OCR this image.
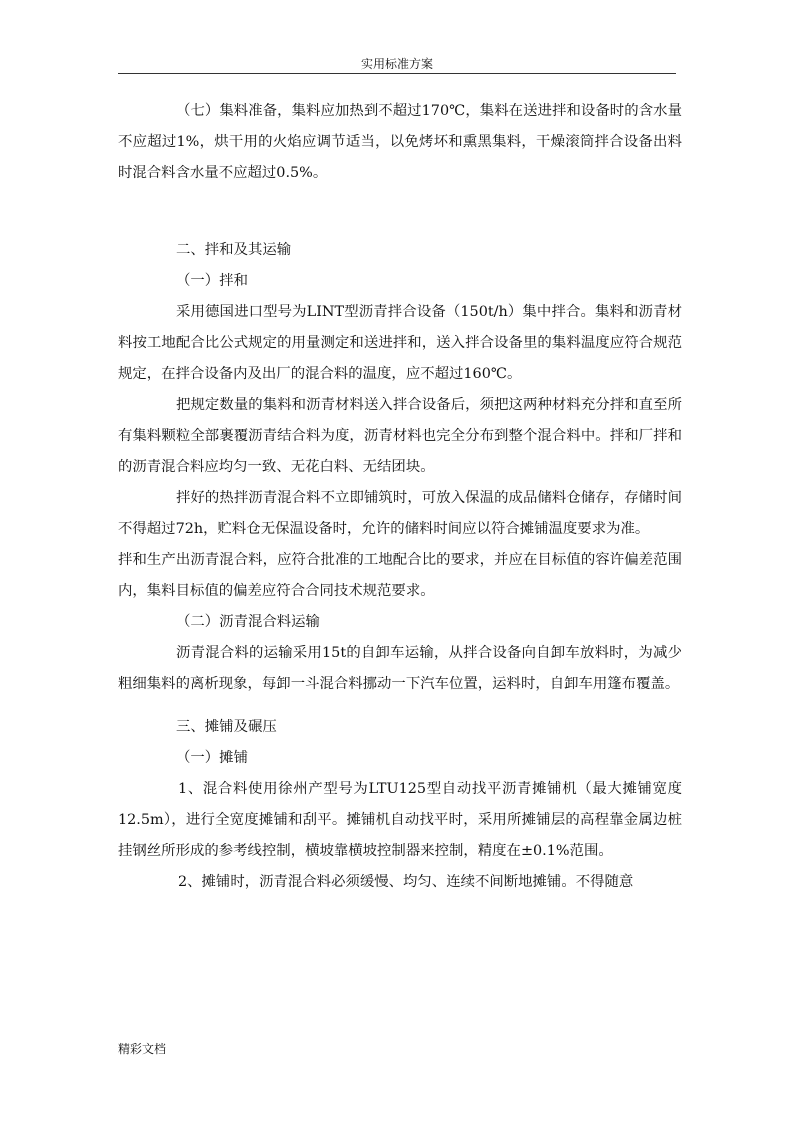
实用标准方案

（七）集料准备，集料应加热到不超过170℃，集料在送进拌和设备时的含水量不应超过1%，烘干用的火焰应调节适当，以免烤坏和熏黑集料，干燥滚筒拌合设备出料时混合料含水量不应超过0.5%。

二、拌和及其运输

（一）拌和

采用德国进口型号为LINT型沥青拌合设备（150t/h）集中拌合。集料和沥青材料按工地配合比公式规定的用量测定和送进拌和，送入拌合设备里的集料温度应符合规范规定，在拌合设备内及出厂的混合料的温度，应不超过160℃。

把规定数量的集料和沥青材料送入拌合设备后，须把这两种材料充分拌和直至所有集料颗粒全部裹覆沥青结合料为度，沥青材料也完全分布到整个混合料中。拌和厂拌和的沥青混合料应均匀一致、无花白料、无结团块。

拌好的热拌沥青混合料不立即铺筑时，可放入保温的成品储料仓储存，存储时间不得超过72h，贮料仓无保温设备时，允许的储料时间应以符合摊铺温度要求为准。

拌和生产出沥青混合料，应符合批准的工地配合比的要求，并应在目标值的容许偏差范围内，集料目标值的偏差应符合合同技术规范要求。

（二）沥青混合料运输

沥青混合料的运输采用15t的自卸车运输，从拌合设备向自卸车放料时，为减少粗细集料的离析现象，每卸一斗混合料挪动一下汽车位置，运料时，自卸车用篷布覆盖。

三、摊铺及碾压

（一）摊铺

1、混合料使用徐州产型号为LTU125型自动找平沥青摊铺机（最大摊铺宽度12.5m），进行全宽度摊铺和刮平。摊铺机自动找平时，采用所摊铺层的高程靠金属边桩挂钢丝所形成的参考线控制，横坡靠横坡控制器来控制，精度在±0.1%范围。

2、摊铺时，沥青混合料必须缓慢、均匀、连续不间断地摊铺。不得随意

精彩文档
